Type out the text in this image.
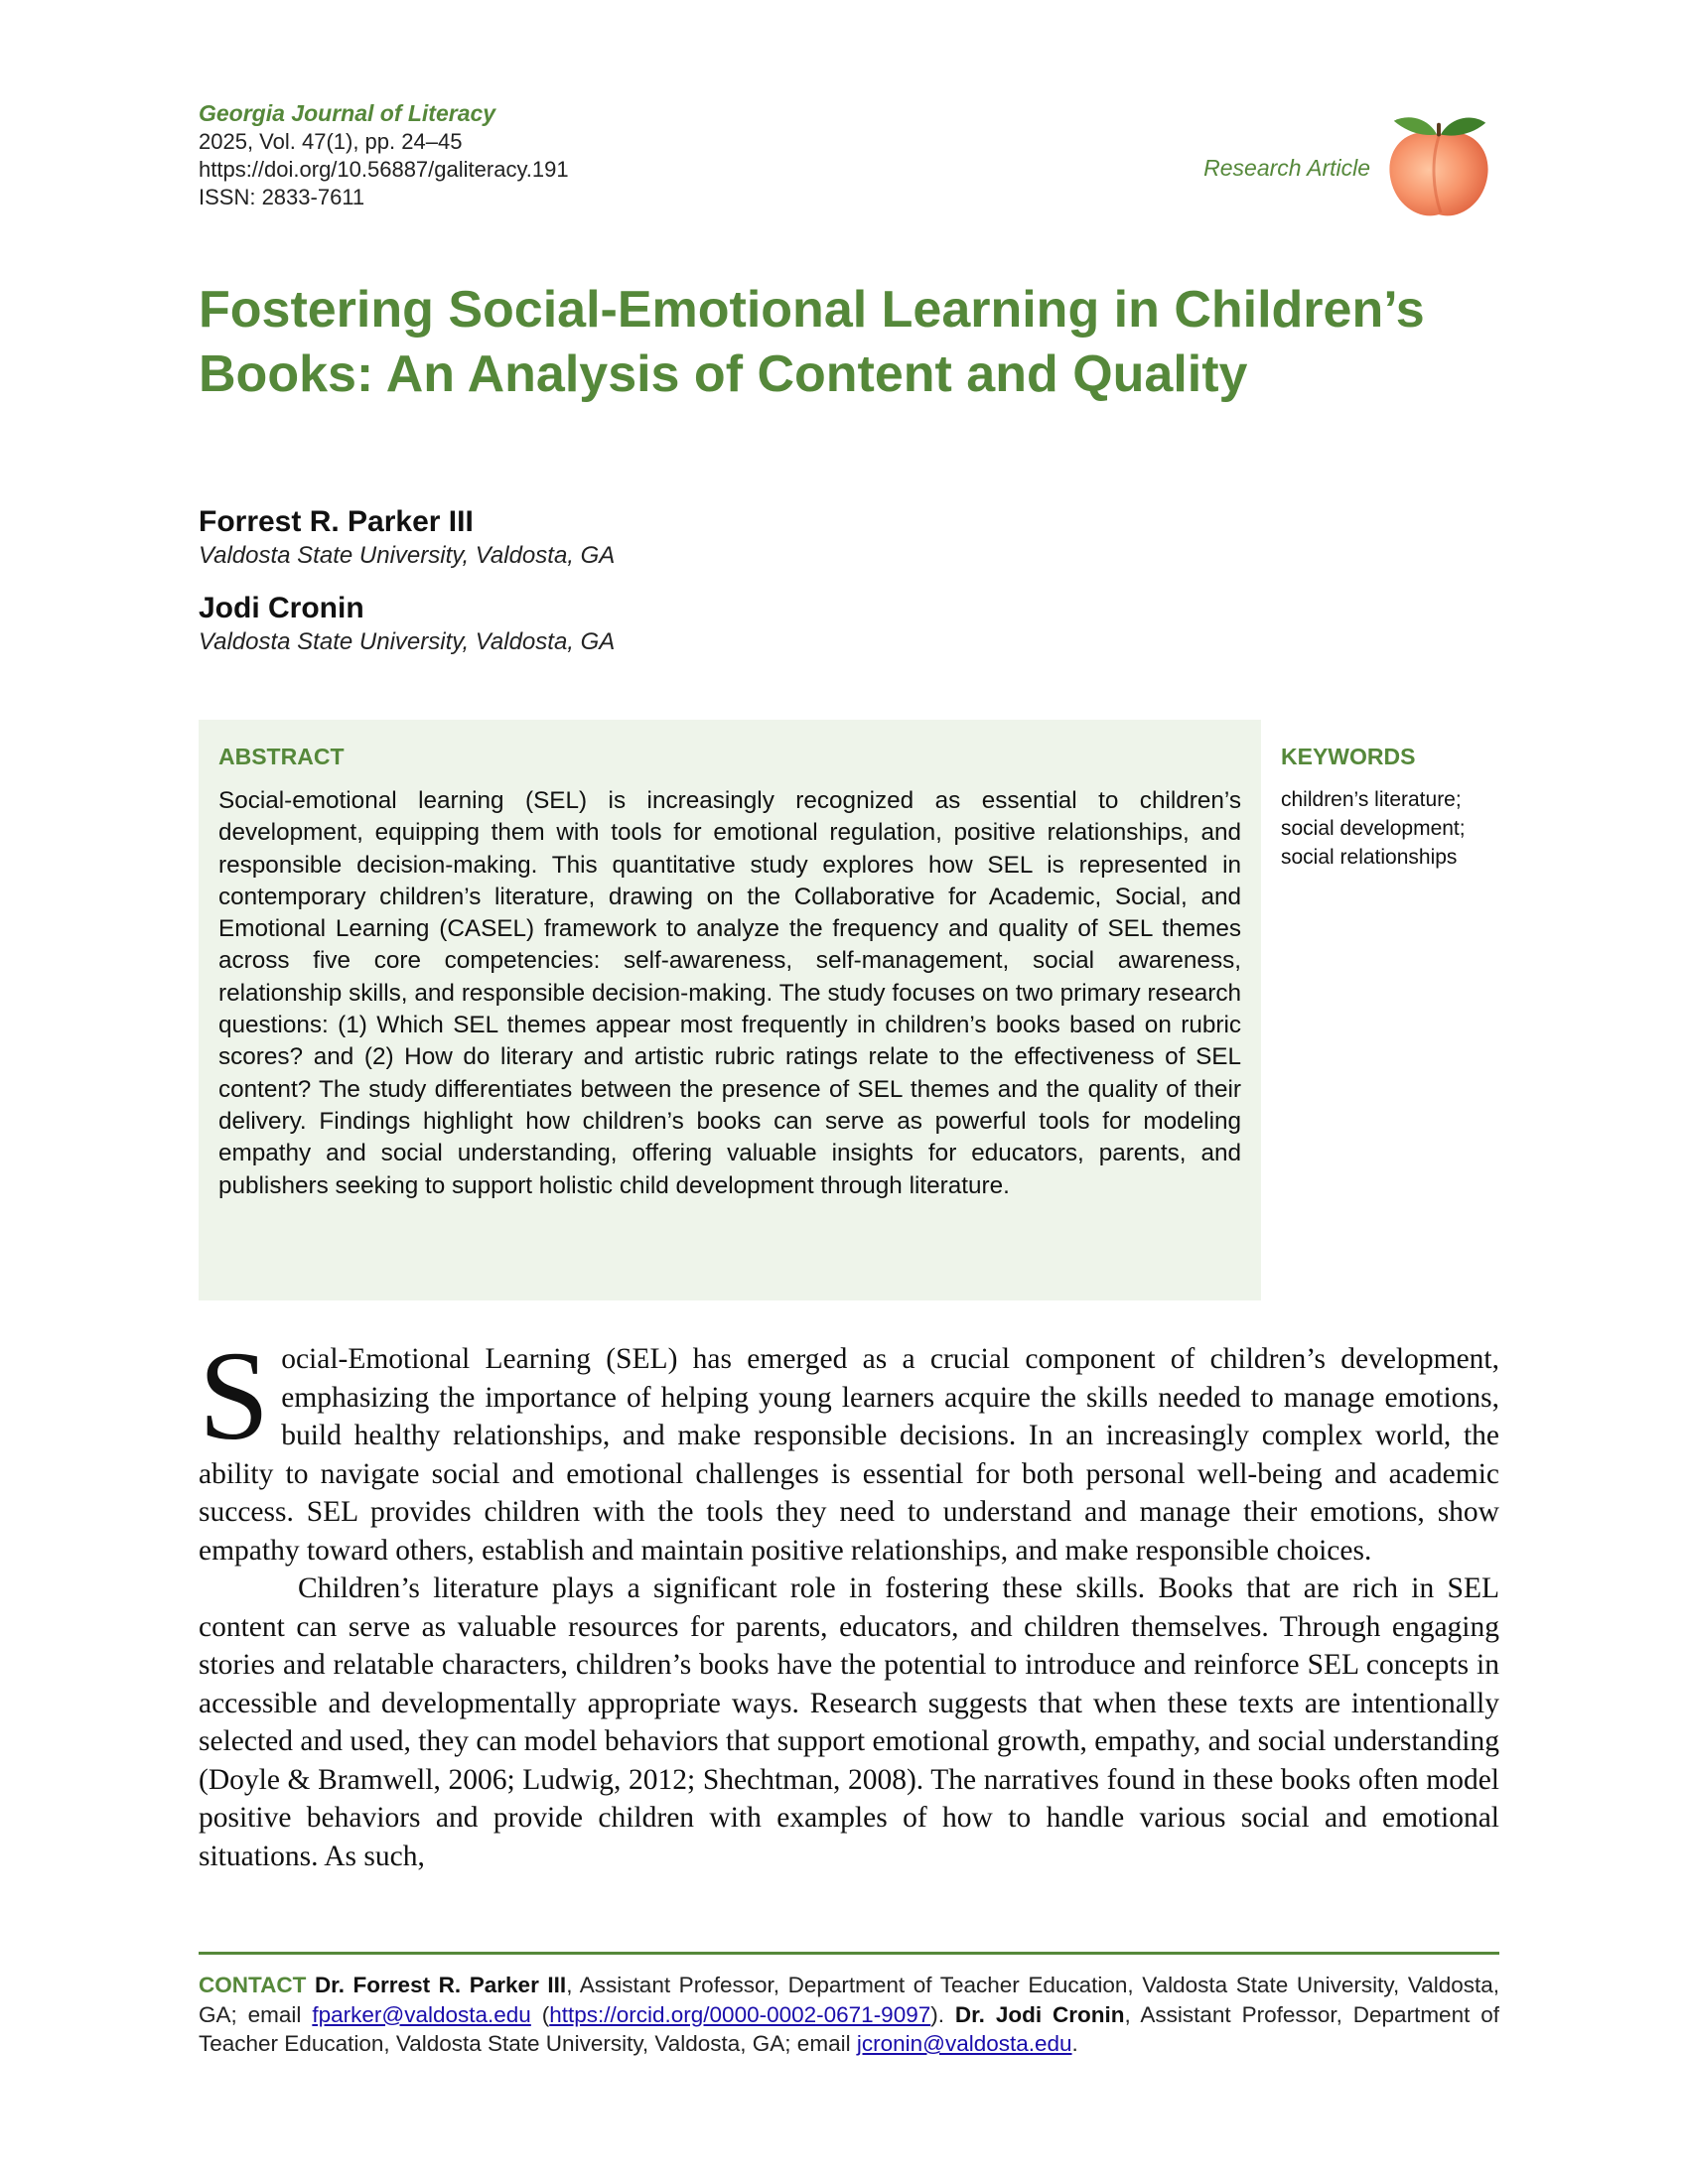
Georgia Journal of Literacy
2025, Vol. 47(1), pp. 24–45
https://doi.org/10.56887/galiteracy.191
ISSN: 2833-7611
Research Article
Fostering Social-Emotional Learning in Children’s Books: An Analysis of Content and Quality
Forrest R. Parker III
Valdosta State University, Valdosta, GA
Jodi Cronin
Valdosta State University, Valdosta, GA
ABSTRACT
Social-emotional learning (SEL) is increasingly recognized as essential to children’s development, equipping them with tools for emotional regulation, positive relationships, and responsible decision-making. This quantitative study explores how SEL is represented in contemporary children’s literature, drawing on the Collaborative for Academic, Social, and Emotional Learning (CASEL) framework to analyze the frequency and quality of SEL themes across five core competencies: self-awareness, self-management, social awareness, relationship skills, and responsible decision-making. The study focuses on two primary research questions: (1) Which SEL themes appear most frequently in children’s books based on rubric scores? and (2) How do literary and artistic rubric ratings relate to the effectiveness of SEL content? The study differentiates between the presence of SEL themes and the quality of their delivery. Findings highlight how children’s books can serve as powerful tools for modeling empathy and social understanding, offering valuable insights for educators, parents, and publishers seeking to support holistic child development through literature.
KEYWORDS
children’s literature; social development; social relationships

Social-Emotional Learning (SEL) has emerged as a crucial component of children’s development, emphasizing the importance of helping young learners acquire the skills needed to manage emotions, build healthy relationships, and make responsible decisions. In an increasingly complex world, the ability to navigate social and emotional challenges is essential for both personal well-being and academic success. SEL provides children with the tools they need to understand and manage their emotions, show empathy toward others, establish and maintain positive relationships, and make responsible choices.

Children’s literature plays a significant role in fostering these skills. Books that are rich in SEL content can serve as valuable resources for parents, educators, and children themselves. Through engaging stories and relatable characters, children’s books have the potential to introduce and reinforce SEL concepts in accessible and developmentally appropriate ways. Research suggests that when these texts are intentionally selected and used, they can model behaviors that support emotional growth, empathy, and social understanding (Doyle & Bramwell, 2006; Ludwig, 2012; Shechtman, 2008). The narratives found in these books often model positive behaviors and provide children with examples of how to handle various social and emotional situations. As such,

CONTACT Dr. Forrest R. Parker III, Assistant Professor, Department of Teacher Education, Valdosta State University, Valdosta, GA; email fparker@valdosta.edu (https://orcid.org/0000-0002-0671-9097). Dr. Jodi Cronin, Assistant Professor, Department of Teacher Education, Valdosta State University, Valdosta, GA; email jcronin@valdosta.edu.
